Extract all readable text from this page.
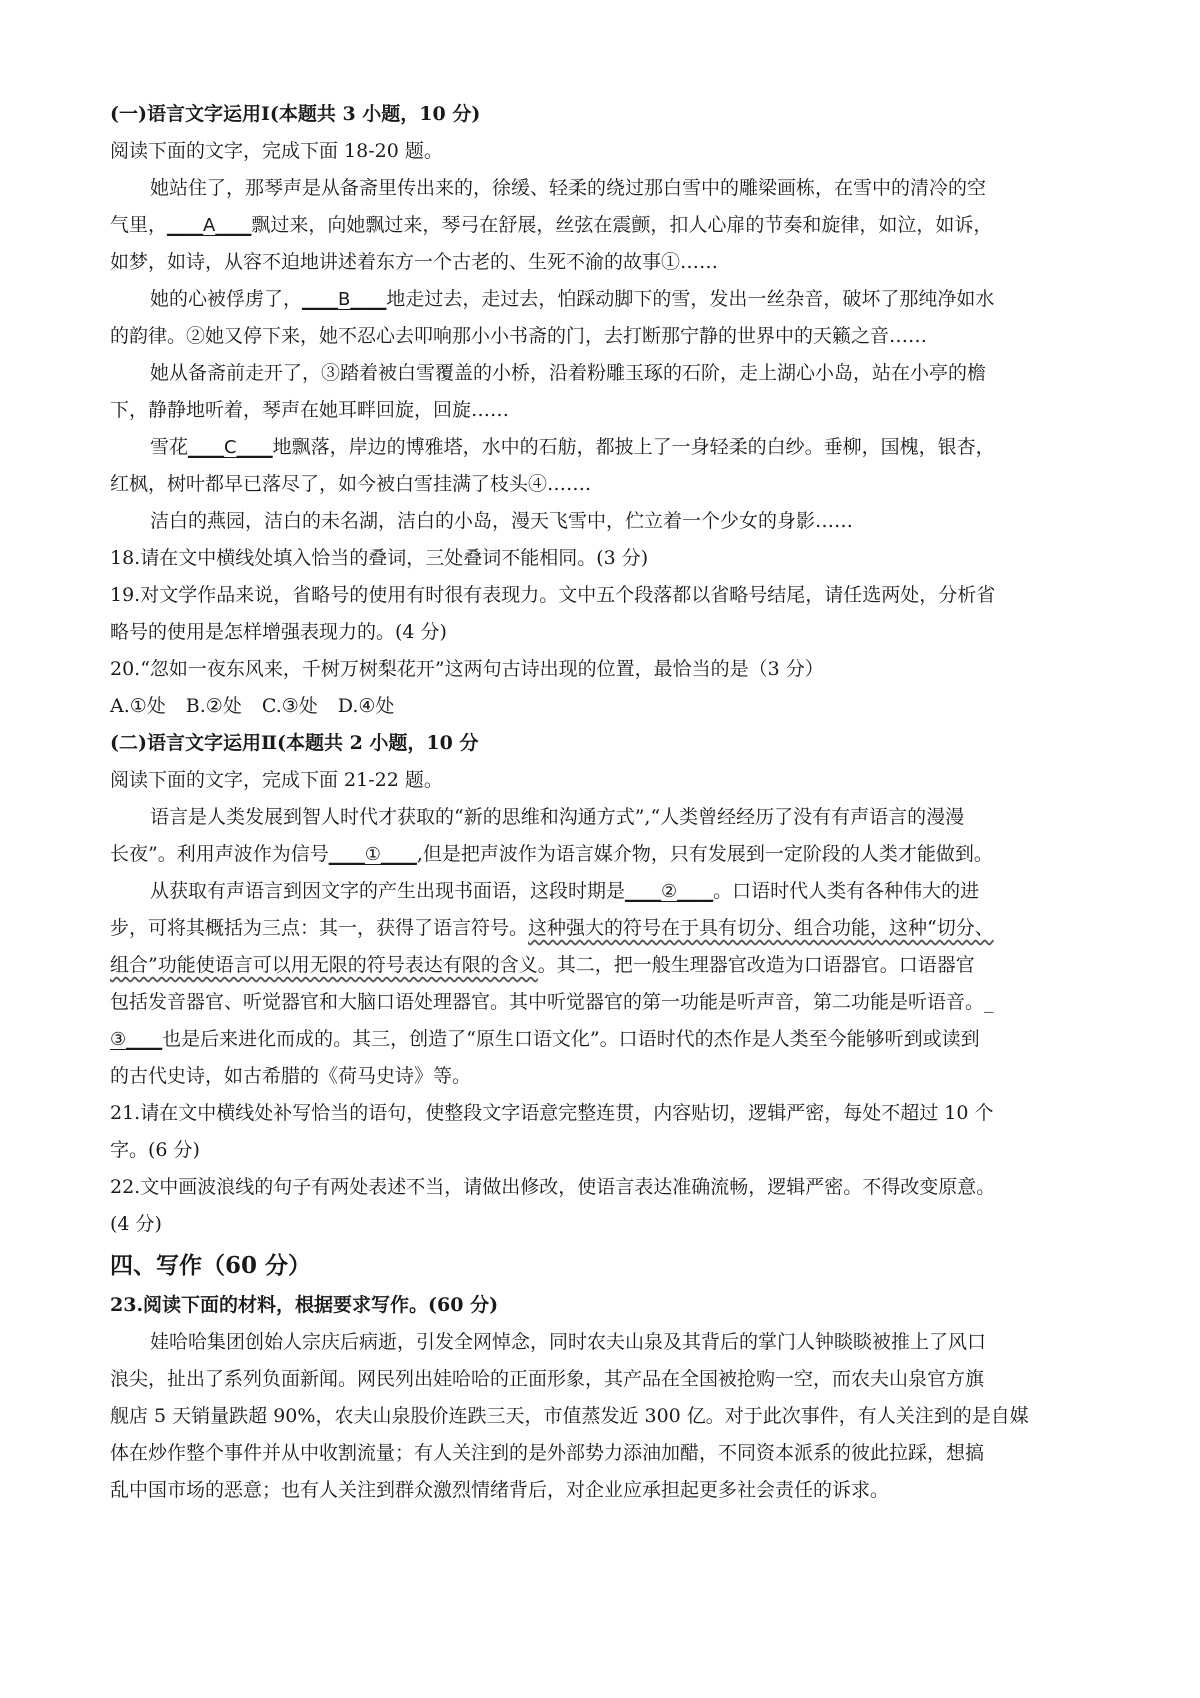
(一)语言文字运用Ⅰ(本题共 3 小题，10 分)
阅读下面的文字，完成下面 18-20 题。
她站住了，那琴声是从备斋里传出来的，徐缓、轻柔的绕过那白雪中的雕梁画栋，在雪中的清冷的空
气里，____A____飘过来，向她飘过来，琴弓在舒展，丝弦在震颤，扣人心扉的节奏和旋律，如泣，如诉，
如梦，如诗，从容不迫地讲述着东方一个古老的、生死不渝的故事①……
她的心被俘虏了，____B____地走过去，走过去，怕踩动脚下的雪，发出一丝杂音，破坏了那纯净如水
的韵律。②她又停下来，她不忍心去叩响那小小书斋的门，去打断那宁静的世界中的天籁之音……
她从备斋前走开了，③踏着被白雪覆盖的小桥，沿着粉雕玉琢的石阶，走上湖心小岛，站在小亭的檐
下，静静地听着，琴声在她耳畔回旋，回旋……
雪花____C____地飘落，岸边的博雅塔，水中的石舫，都披上了一身轻柔的白纱。垂柳，国槐，银杏，
红枫，树叶都早已落尽了，如今被白雪挂满了枝头④…….
洁白的燕园，洁白的未名湖，洁白的小岛，漫天飞雪中，伫立着一个少女的身影……
18.请在文中横线处填入恰当的叠词，三处叠词不能相同。(3 分)
19.对文学作品来说，省略号的使用有时很有表现力。文中五个段落都以省略号结尾，请任选两处，分析省
略号的使用是怎样增强表现力的。(4 分)
20.“忽如一夜东风来，千树万树梨花开”这两句古诗出现的位置，最恰当的是（3 分）
A.①处 B.②处 C.③处 D.④处
(二)语言文字运用Ⅱ(本题共 2 小题，10 分
阅读下面的文字，完成下面 21-22 题。
语言是人类发展到智人时代才获取的“新的思维和沟通方式”,“人类曾经经历了没有有声语言的漫漫
长夜”。利用声波作为信号____①____,但是把声波作为语言媒介物，只有发展到一定阶段的人类才能做到。
从获取有声语言到因文字的产生出现书面语，这段时期是____②____。口语时代人类有各种伟大的进
步，可将其概括为三点：其一，获得了语言符号。这种强大的符号在于具有切分、组合功能，这种“切分、
组合”功能使语言可以用无限的符号表达有限的含义。其二，把一般生理器官改造为口语器官。口语器官
包括发音器官、听觉器官和大脑口语处理器官。其中听觉器官的第一功能是听声音，第二功能是听语音。_
③____也是后来进化而成的。其三，创造了“原生口语文化”。口语时代的杰作是人类至今能够听到或读到
的古代史诗，如古希腊的《荷马史诗》等。
21.请在文中横线处补写恰当的语句，使整段文字语意完整连贯，内容贴切，逻辑严密，每处不超过 10 个
字。(6 分)
22.文中画波浪线的句子有两处表述不当，请做出修改，使语言表达准确流畅，逻辑严密。不得改变原意。
(4 分)
四、写作（60 分）
23.阅读下面的材料，根据要求写作。(60 分)
娃哈哈集团创始人宗庆后病逝，引发全网悼念，同时农夫山泉及其背后的掌门人钟睒睒被推上了风口
浪尖，扯出了系列负面新闻。网民列出娃哈哈的正面形象，其产品在全国被抢购一空，而农夫山泉官方旗
舰店 5 天销量跌超 90%，农夫山泉股价连跌三天，市值蒸发近 300 亿。对于此次事件，有人关注到的是自媒
体在炒作整个事件并从中收割流量；有人关注到的是外部势力添油加醋，不同资本派系的彼此拉踩，想搞
乱中国市场的恶意；也有人关注到群众激烈情绪背后，对企业应承担起更多社会责任的诉求。
